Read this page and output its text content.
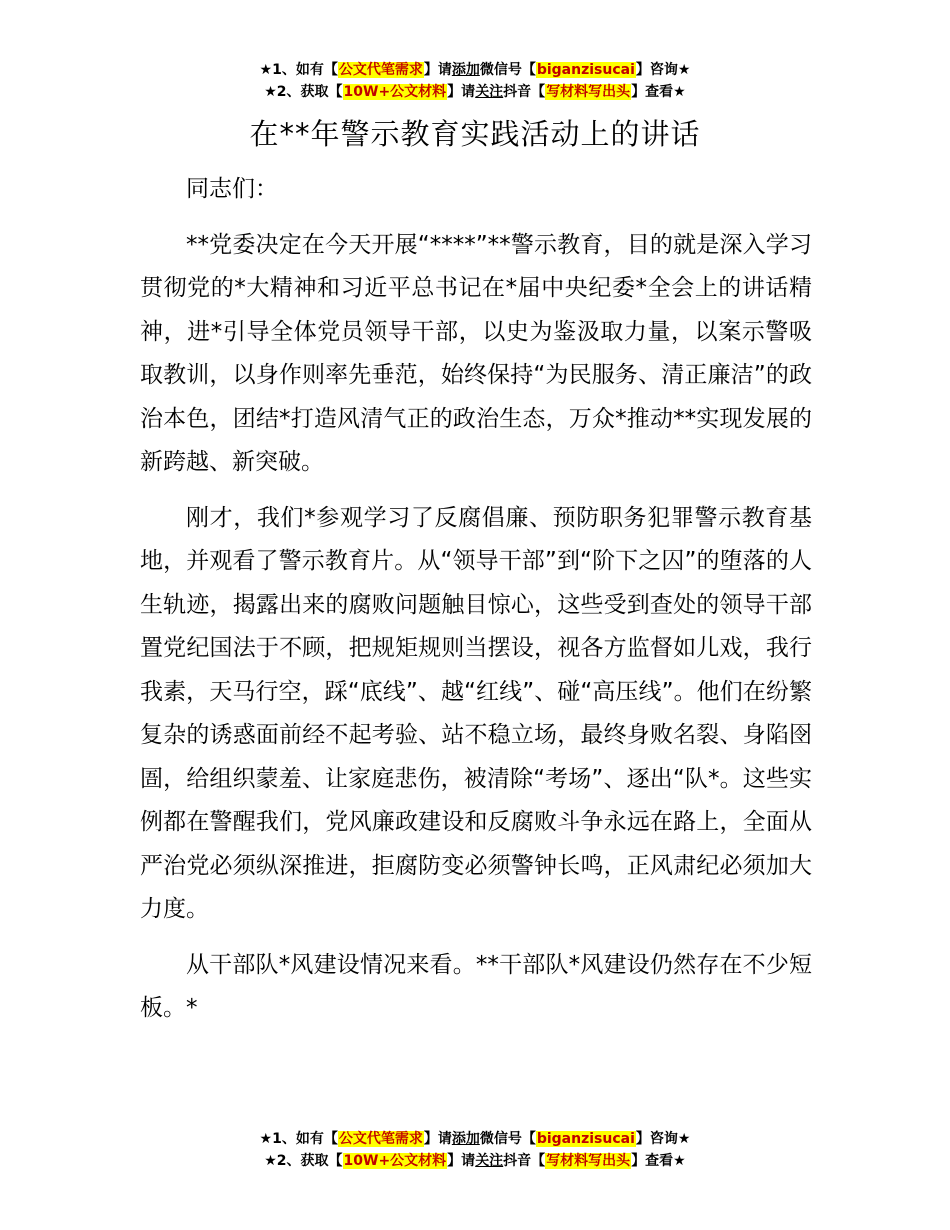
★1、如有【公文代笔需求】请添加微信号【biganzisucai】咨询★
★2、获取【10W+公文材料】请关注抖音【写材料写出头】查看★
在**年警示教育实践活动上的讲话

同志们：

**党委决定在今天开展“****”**警示教育，目的就是深入学习贯彻党的*大精神和习近平总书记在*届中央纪委*全会上的讲话精神，进*引导全体党员领导干部，以史为鉴汲取力量，以案示警吸取教训，以身作则率先垂范，始终保持“为民服务、清正廉洁”的政治本色，团结*打造风清气正的政治生态，万众*推动**实现发展的新跨越、新突破。

刚才，我们*参观学习了反腐倡廉、预防职务犯罪警示教育基地，并观看了警示教育片。从“领导干部”到“阶下之囚”的堕落的人生轨迹，揭露出来的腐败问题触目惊心，这些受到查处的领导干部置党纪国法于不顾，把规矩规则当摆设，视各方监督如儿戏，我行我素，天马行空，踩“底线”、越“红线”、碰“高压线”。他们在纷繁复杂的诱惑面前经不起考验、站不稳立场，最终身败名裂、身陷囹圄，给组织蒙羞、让家庭悲伤，被清除“考场”、逐出“队*。这些实例都在警醒我们，党风廉政建设和反腐败斗争永远在路上，全面从严治党必须纵深推进，拒腐防变必须警钟长鸣，正风肃纪必须加大力度。

从干部队*风建设情况来看。**干部队*风建设仍然存在不少短板。*

★1、如有【公文代笔需求】请添加微信号【biganzisucai】咨询★
★2、获取【10W+公文材料】请关注抖音【写材料写出头】查看★
